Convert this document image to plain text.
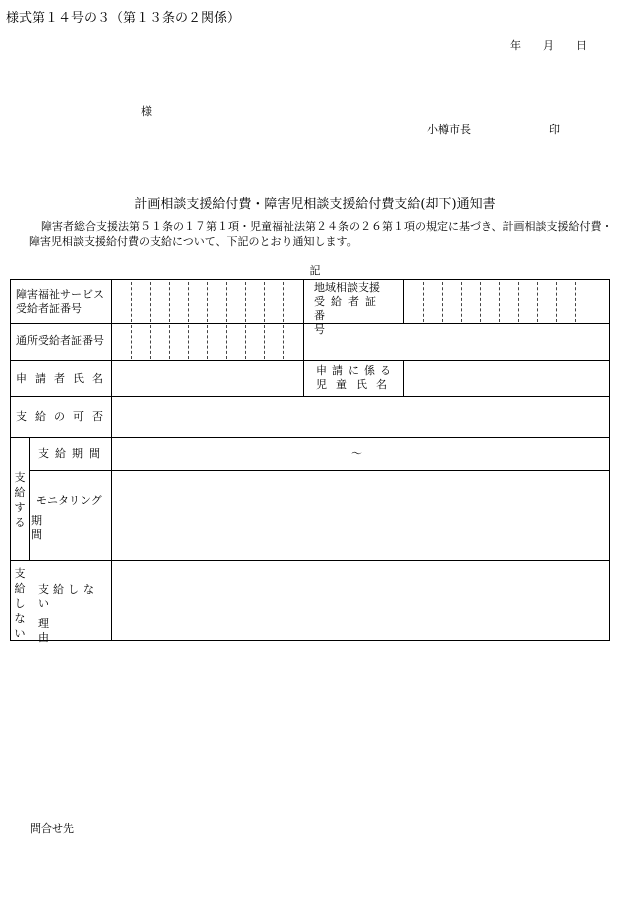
様式第１４号の３（第１３条の２関係）
年 月 日
様
小樽市長	印
計画相談支援給付費・障害児相談支援給付費支給(却下)通知書
障害者総合支援法第５１条の１７第１項・児童福祉法第２４条の２６第１項の規定に基づき、計画相談支援給付費・
障害児相談支援給付費の支給について、下記のとおり通知します。
記
障害福祉サービス
受給者証番号
地域相談支援
受給者証
番号
通所受給者証番号
申請者氏名
申請に係る
児童氏名
支給の可否
支給する
支給期間	～
モニタリング
期間
支給しない
支給しない
理由
問合せ先
